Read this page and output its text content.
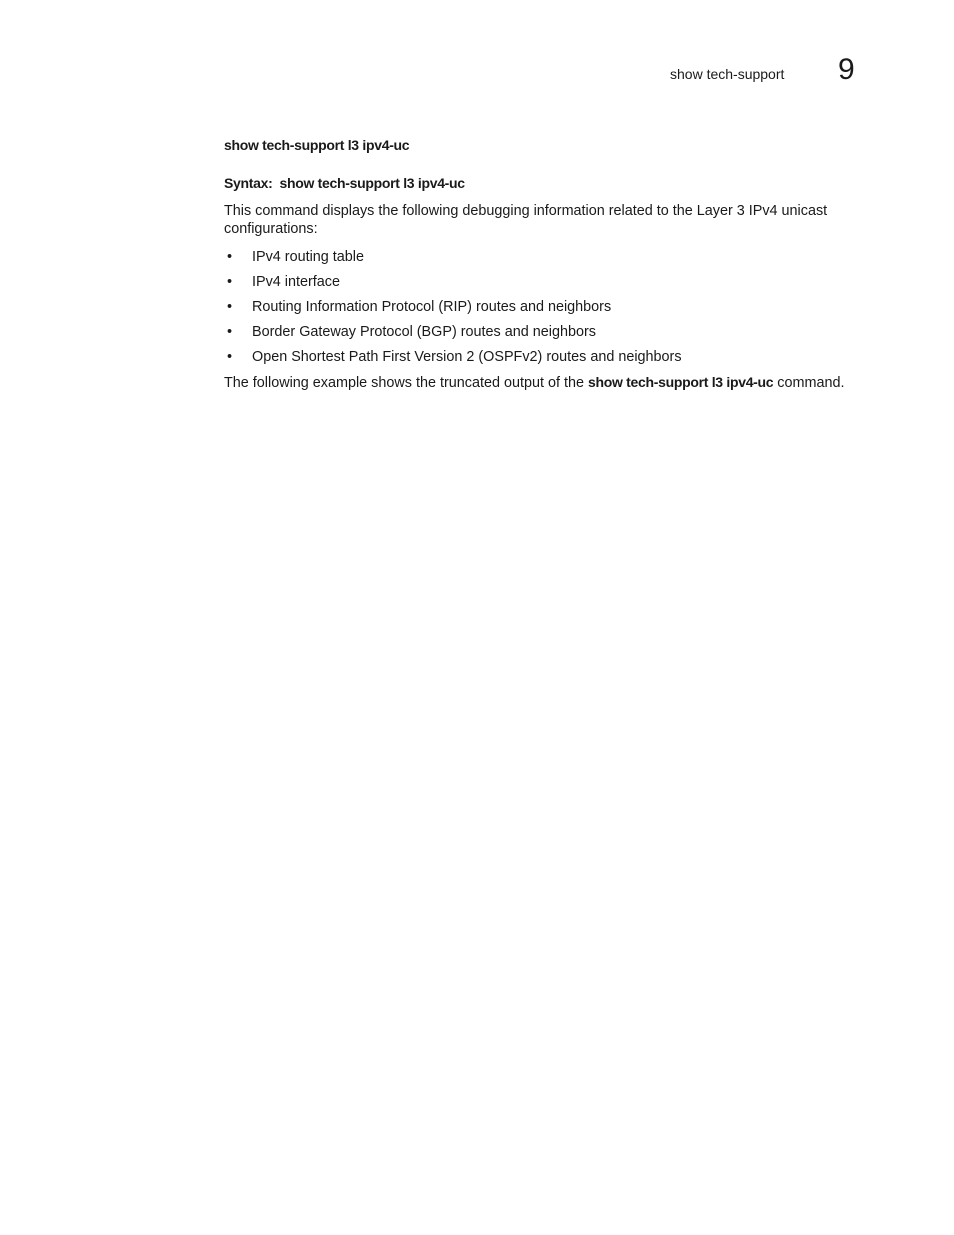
show tech-support 9
show tech-support l3 ipv4-uc

Syntax: show tech-support l3 ipv4-uc

This command displays the following debugging information related to the Layer 3 IPv4 unicast configurations:

• IPv4 routing table
• IPv4 interface
• Routing Information Protocol (RIP) routes and neighbors
• Border Gateway Protocol (BGP) routes and neighbors
• Open Shortest Path First Version 2 (OSPFv2) routes and neighbors

The following example shows the truncated output of the show tech-support l3 ipv4-uc command.
